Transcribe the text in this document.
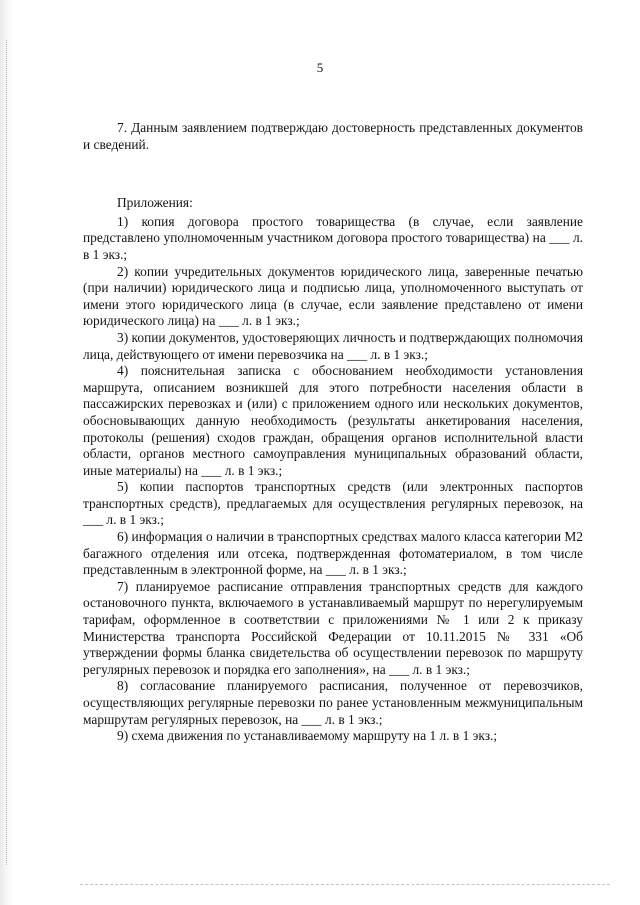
5

7. Данным заявлением подтверждаю достоверность представленных документов и сведений.

Приложения:

1) копия договора простого товарищества (в случае, если заявление представлено уполномоченным участником договора простого товарищества) на ___ л. в 1 экз.;

2) копии учредительных документов юридического лица, заверенные печатью (при наличии) юридического лица и подписью лица, уполномоченного выступать от имени этого юридического лица (в случае, если заявление представлено от имени юридического лица) на ___ л. в 1 экз.;

3) копии документов, удостоверяющих личность и подтверждающих полномочия лица, действующего от имени перевозчика на ___ л. в 1 экз.;

4) пояснительная записка с обоснованием необходимости установления маршрута, описанием возникшей для этого потребности населения области в пассажирских перевозках и (или) с приложением одного или нескольких документов, обосновывающих данную необходимость (результаты анкетирования населения, протоколы (решения) сходов граждан, обращения органов исполнительной власти области, органов местного самоуправления муниципальных образований области, иные материалы) на ___ л. в 1 экз.;

5) копии паспортов транспортных средств (или электронных паспортов транспортных средств), предлагаемых для осуществления регулярных перевозок, на ___ л. в 1 экз.;

6) информация о наличии в транспортных средствах малого класса категории М2 багажного отделения или отсека, подтвержденная фотоматериалом, в том числе представленным в электронной форме, на ___ л. в 1 экз.;

7) планируемое расписание отправления транспортных средств для каждого остановочного пункта, включаемого в устанавливаемый маршрут по нерегулируемым тарифам, оформленное в соответствии с приложениями № 1 или 2 к приказу Министерства транспорта Российской Федерации от 10.11.2015 № 331 «Об утверждении формы бланка свидетельства об осуществлении перевозок по маршруту регулярных перевозок и порядка его заполнения», на ___ л. в 1 экз.;

8) согласование планируемого расписания, полученное от перевозчиков, осуществляющих регулярные перевозки по ранее установленным межмуниципальным маршрутам регулярных перевозок, на ___ л. в 1 экз.;

9) схема движения по устанавливаемому маршруту на 1 л. в 1 экз.;
